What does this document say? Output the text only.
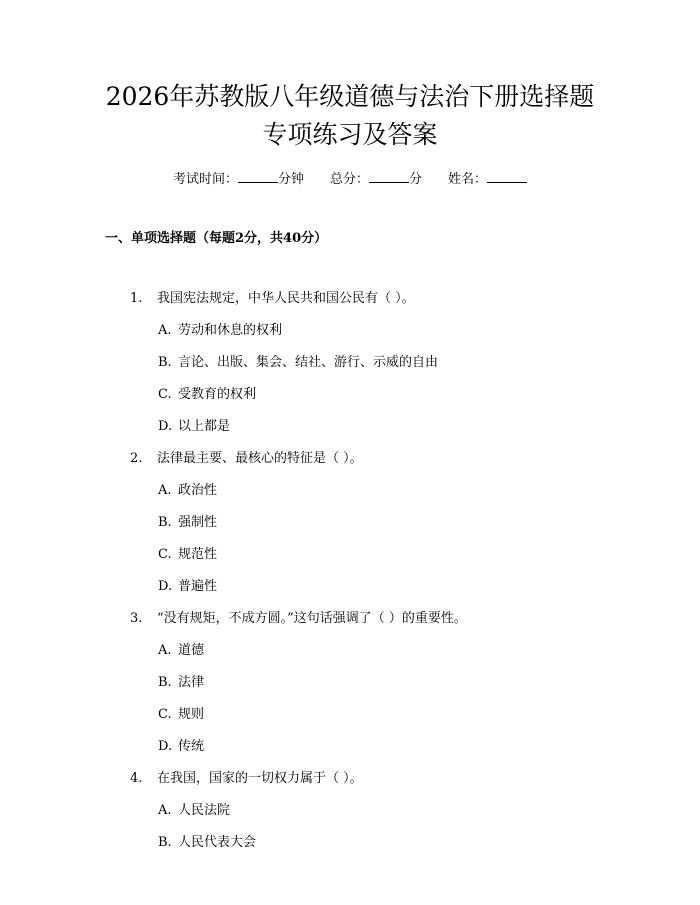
2026年苏教版八年级道德与法治下册选择题
专项练习及答案
考试时间：	分钟 总分：	分 姓名：
一、单项选择题（每题2分，共40分）
1. 我国宪法规定，中华人民共和国公民有（ ）。
A. 劳动和休息的权利
B. 言论、出版、集会、结社、游行、示威的自由
C. 受教育的权利
D. 以上都是
2. 法律最主要、最核心的特征是（ ）。
A. 政治性
B. 强制性
C. 规范性
D. 普遍性
3. “没有规矩，不成方圆。”这句话强调了（ ）的重要性。
A. 道德
B. 法律
C. 规则
D. 传统
4. 在我国，国家的一切权力属于（ ）。
A. 人民法院
B. 人民代表大会
